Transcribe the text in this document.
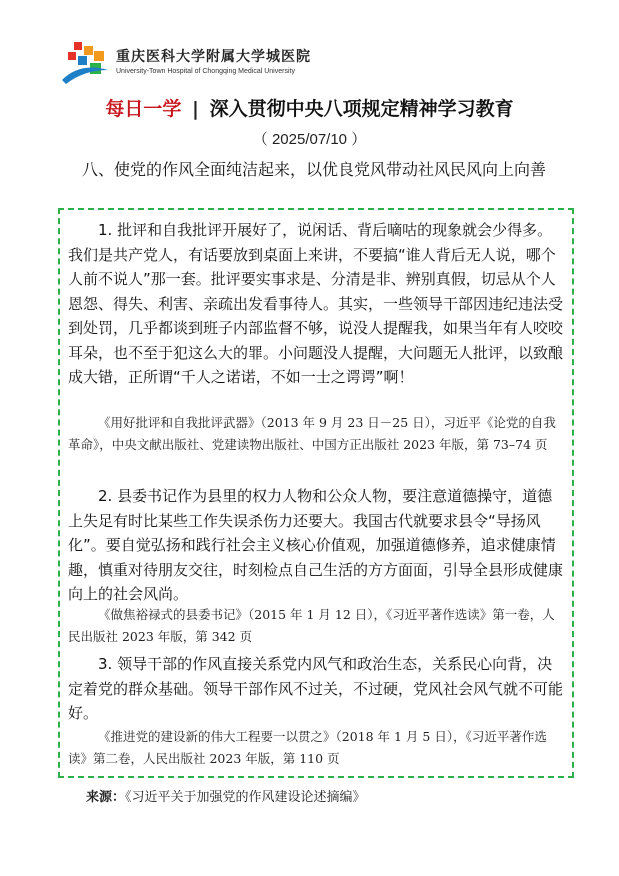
重庆医科大学附属大学城医院
University-Town Hospital of Chongqing Medical University
每日一学 | 深入贯彻中央八项规定精神学习教育
（ 2025/07/10 ）
八、使党的作风全面纯洁起来，以优良党风带动社风民风向上向善
1. 批评和自我批评开展好了，说闲话、背后嘀咕的现象就会少得多。我们是共产党人，有话要放到桌面上来讲，不要搞“谁人背后无人说，哪个人前不说人”那一套。批评要实事求是、分清是非、辨别真假，切忌从个人恩怨、得失、利害、亲疏出发看事待人。其实，一些领导干部因违纪违法受到处罚，几乎都谈到班子内部监督不够，说没人提醒我，如果当年有人咬咬耳朵，也不至于犯这么大的罪。小问题没人提醒，大问题无人批评，以致酿成大错，正所谓“千人之诺诺，不如一士之谔谔”啊！
《用好批评和自我批评武器》（2013 年 9 月 23 日－25 日），习近平《论党的自我革命》，中央文献出版社、党建读物出版社、中国方正出版社 2023 年版，第 73–74 页
2. 县委书记作为县里的权力人物和公众人物，要注意道德操守，道德上失足有时比某些工作失误杀伤力还要大。我国古代就要求县令“导扬风化”。要自觉弘扬和践行社会主义核心价值观，加强道德修养，追求健康情趣，慎重对待朋友交往，时刻检点自己生活的方方面面，引导全县形成健康向上的社会风尚。
《做焦裕禄式的县委书记》（2015 年 1 月 12 日），《习近平著作选读》第一卷，人民出版社 2023 年版，第 342 页
3. 领导干部的作风直接关系党内风气和政治生态，关系民心向背，决定着党的群众基础。领导干部作风不过关，不过硬，党风社会风气就不可能好。
《推进党的建设新的伟大工程要一以贯之》（2018 年 1 月 5 日），《习近平著作选读》第二卷，人民出版社 2023 年版，第 110 页
来源：《习近平关于加强党的作风建设论述摘编》
